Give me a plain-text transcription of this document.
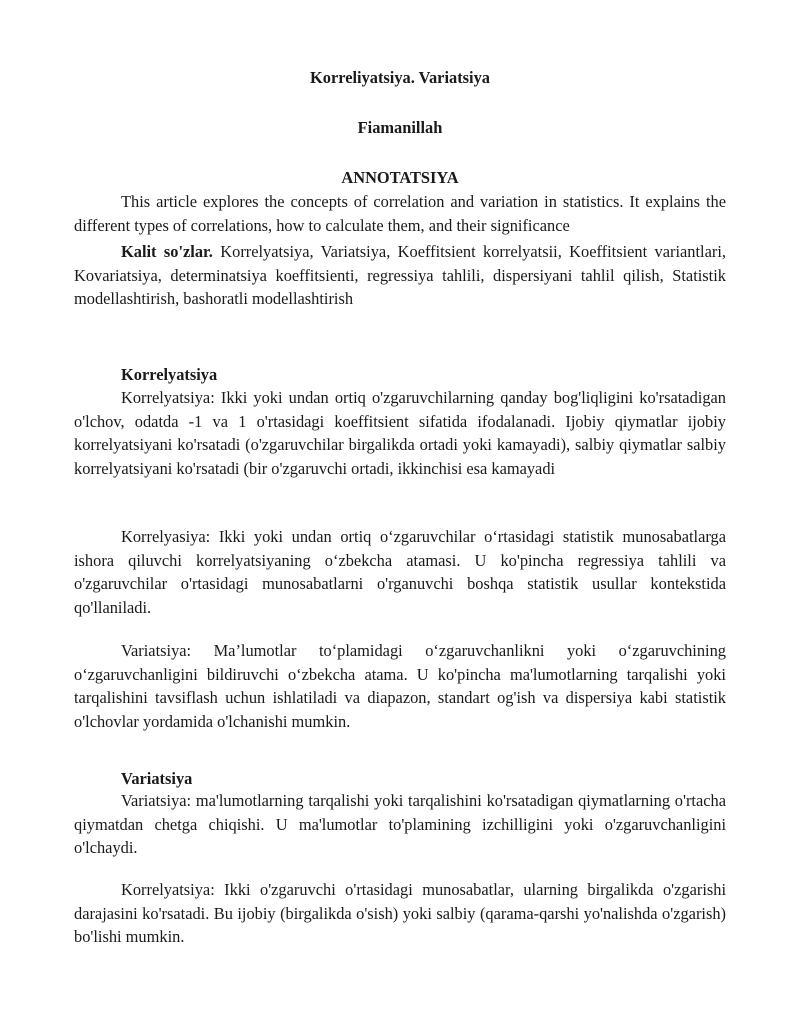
Korreliyatsiya. Variatsiya
Fiamanillah
ANNOTATSIYA

This article explores the concepts of correlation and variation in statistics. It explains the different types of correlations, how to calculate them, and their significance

Kalit so'zlar. Korrelyatsiya, Variatsiya, Koeffitsient korrelyatsii, Koeffitsient variantlari, Kovariatsiya, determinatsiya koeffitsienti, regressiya tahlili, dispersiyani tahlil qilish, Statistik modellashtirish, bashoratli modellashtirish

Korrelyatsiya

Korrelyatsiya: Ikki yoki undan ortiq o'zgaruvchilarning qanday bog'liqligini ko'rsatadigan o'lchov, odatda -1 va 1 o'rtasidagi koeffitsient sifatida ifodalanadi. Ijobiy qiymatlar ijobiy korrelyatsiyani ko'rsatadi (o'zgaruvchilar birgalikda ortadi yoki kamayadi), salbiy qiymatlar salbiy korrelyatsiyani ko'rsatadi (bir o'zgaruvchi ortadi, ikkinchisi esa kamayadi

Korrelyasiya: Ikki yoki undan ortiq o‘zgaruvchilar o‘rtasidagi statistik munosabatlarga ishora qiluvchi korrelyatsiyaning o‘zbekcha atamasi. U ko'pincha regressiya tahlili va o'zgaruvchilar o'rtasidagi munosabatlarni o'rganuvchi boshqa statistik usullar kontekstida qo'llaniladi.

Variatsiya: Ma’lumotlar to‘plamidagi o‘zgaruvchanlikni yoki o‘zgaruvchining o‘zgaruvchanligini bildiruvchi o‘zbekcha atama. U ko'pincha ma'lumotlarning tarqalishi yoki tarqalishini tavsiflash uchun ishlatiladi va diapazon, standart og'ish va dispersiya kabi statistik o'lchovlar yordamida o'lchanishi mumkin.

Variatsiya

Variatsiya: ma'lumotlarning tarqalishi yoki tarqalishini ko'rsatadigan qiymatlarning o'rtacha qiymatdan chetga chiqishi. U ma'lumotlar to'plamining izchilligini yoki o'zgaruvchanligini o'lchaydi.

Korrelyatsiya: Ikki o'zgaruvchi o'rtasidagi munosabatlar, ularning birgalikda o'zgarishi darajasini ko'rsatadi. Bu ijobiy (birgalikda o'sish) yoki salbiy (qarama-qarshi yo'nalishda o'zgarish) bo'lishi mumkin.
